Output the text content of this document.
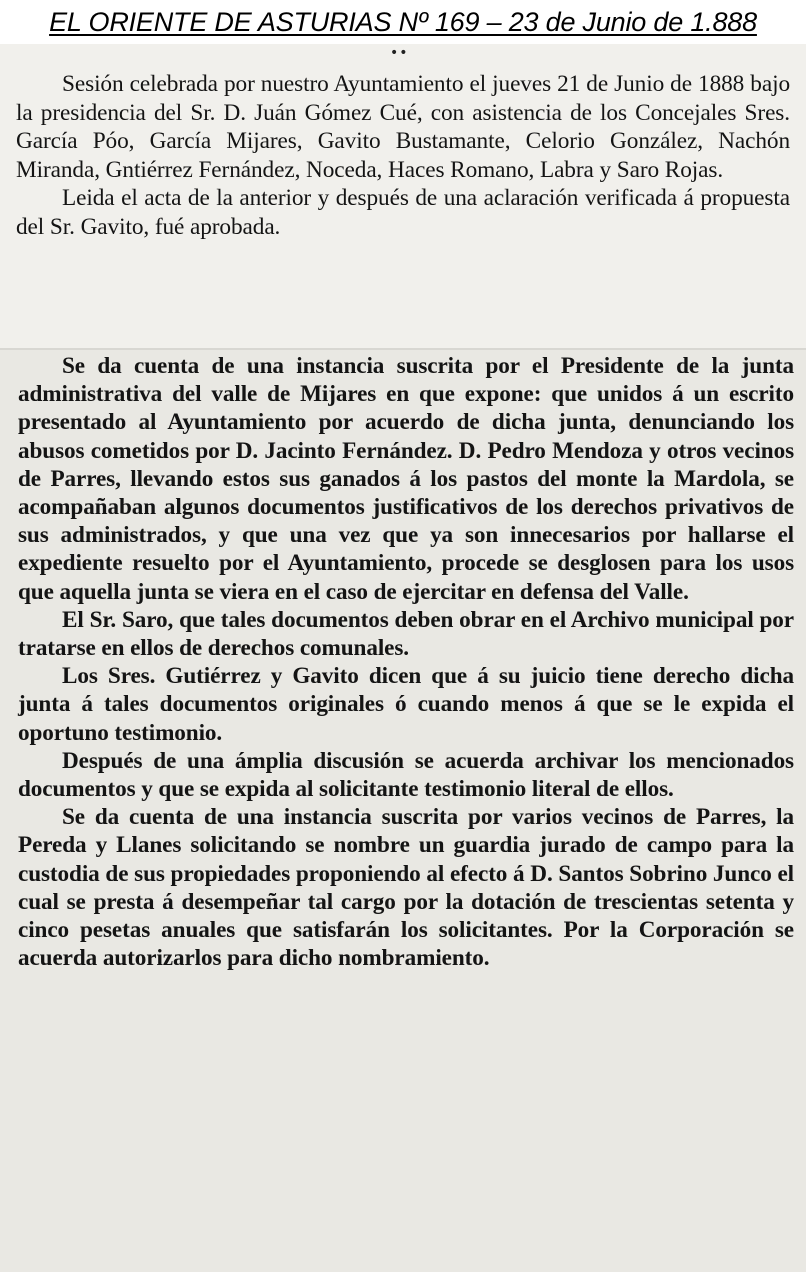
EL ORIENTE DE ASTURIAS Nº 169 – 23 de Junio de 1.888
••

Sesión celebrada por nuestro Ayuntamiento el jueves 21 de Junio de 1888 bajo la presidencia del Sr. D. Juán Gómez Cué, con asistencia de los Concejales Sres. García Póo, García Mijares, Gavito Bustamante, Celorio González, Nachón Miranda, Gntiérrez Fernández, Noceda, Haces Romano, Labra y Saro Rojas.

Leida el acta de la anterior y después de una aclaración verificada á propuesta del Sr. Gavito, fué aprobada.

Se da cuenta de una instancia suscrita por el Presidente de la junta administrativa del valle de Mijares en que expone: que unidos á un escrito presentado al Ayuntamiento por acuerdo de dicha junta, denunciando los abusos cometidos por D. Jacinto Fernández. D. Pedro Mendoza y otros vecinos de Parres, llevando estos sus ganados á los pastos del monte la Mardola, se acompañaban algunos documentos justificativos de los derechos privativos de sus administrados, y que una vez que ya son innecesarios por hallarse el expediente resuelto por el Ayuntamiento, procede se desglosen para los usos que aquella junta se viera en el caso de ejercitar en defensa del Valle.

El Sr. Saro, que tales documentos deben obrar en el Archivo municipal por tratarse en ellos de derechos comunales.

Los Sres. Gutiérrez y Gavito dicen que á su juicio tiene derecho dicha junta á tales documentos originales ó cuando menos á que se le expida el oportuno testimonio.

Después de una ámplia discusión se acuerda archivar los mencionados documentos y que se expida al solicitante testimonio literal de ellos.

Se da cuenta de una instancia suscrita por varios vecinos de Parres, la Pereda y Llanes solicitando se nombre un guardia jurado de campo para la custodia de sus propiedades proponiendo al efecto á D. Santos Sobrino Junco el cual se presta á desempeñar tal cargo por la dotación de trescientas setenta y cinco pesetas anuales que satisfarán los solicitantes. Por la Corporación se acuerda autorizarlos para dicho nombramiento.
